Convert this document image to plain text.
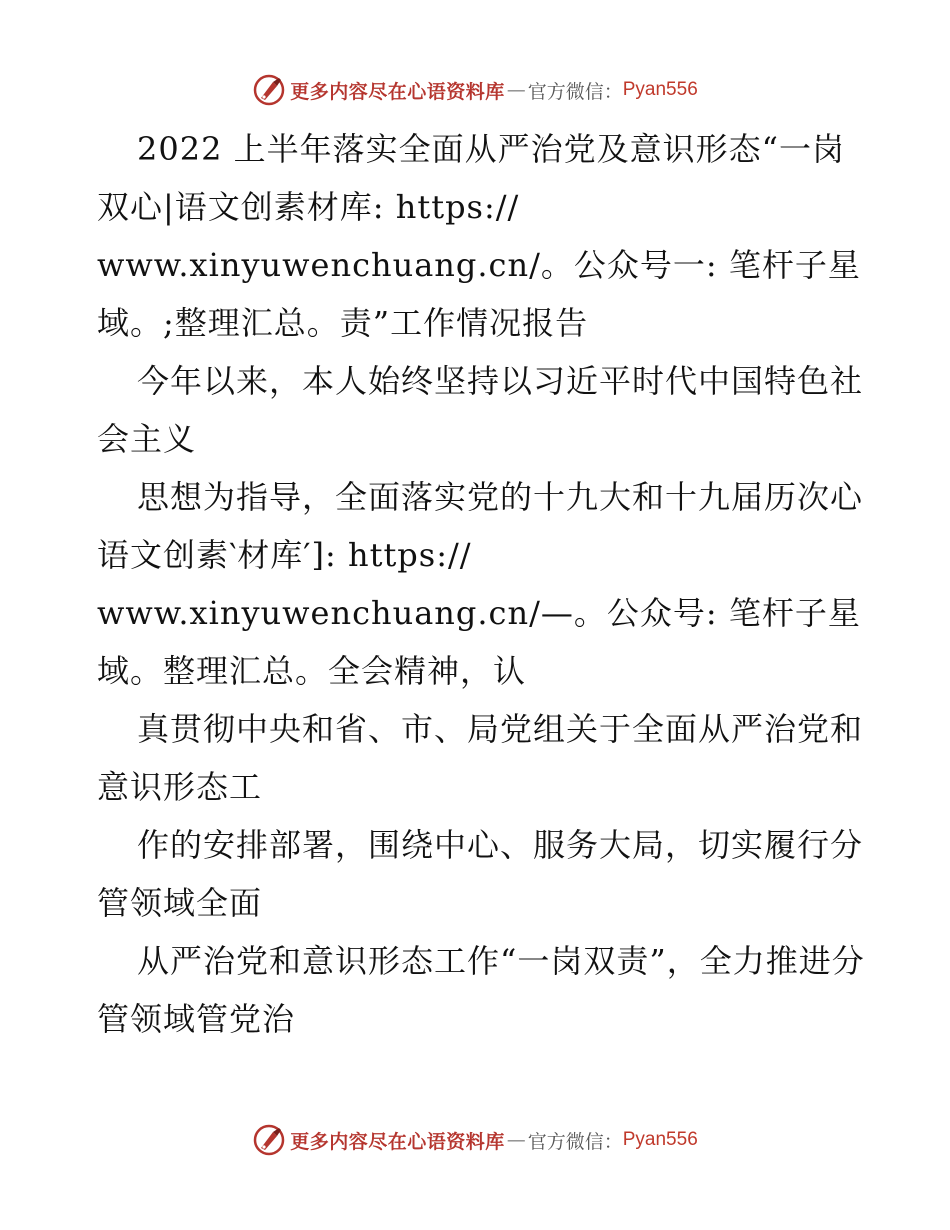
更多内容尽在心语资料库 — 官方微信： Pyan556

2022 上半年落实全面从严治党及意识形态“一岗双心|语文创素材库: https://

www.xinyuwenchuang.cn/。公众号一: 笔杆子星域。;整理汇总。责”工作情况报告

今年以来，本人始终坚持以习近平时代中国特色社会主义

思想为指导，全面落实党的十九大和十九届历次心语文创素‵材库′]: https://

www.xinyuwenchuang.cn/—。公众号: 笔杆子星域。整理汇总。全会精神，认

真贯彻中央和省、市、局党组关于全面从严治党和意识形态工

作的安排部署，围绕中心、服务大局，切实履行分管领域全面

从严治党和意识形态工作“一岗双责”，全力推进分管领域管党治

更多内容尽在心语资料库 — 官方微信： Pyan556
